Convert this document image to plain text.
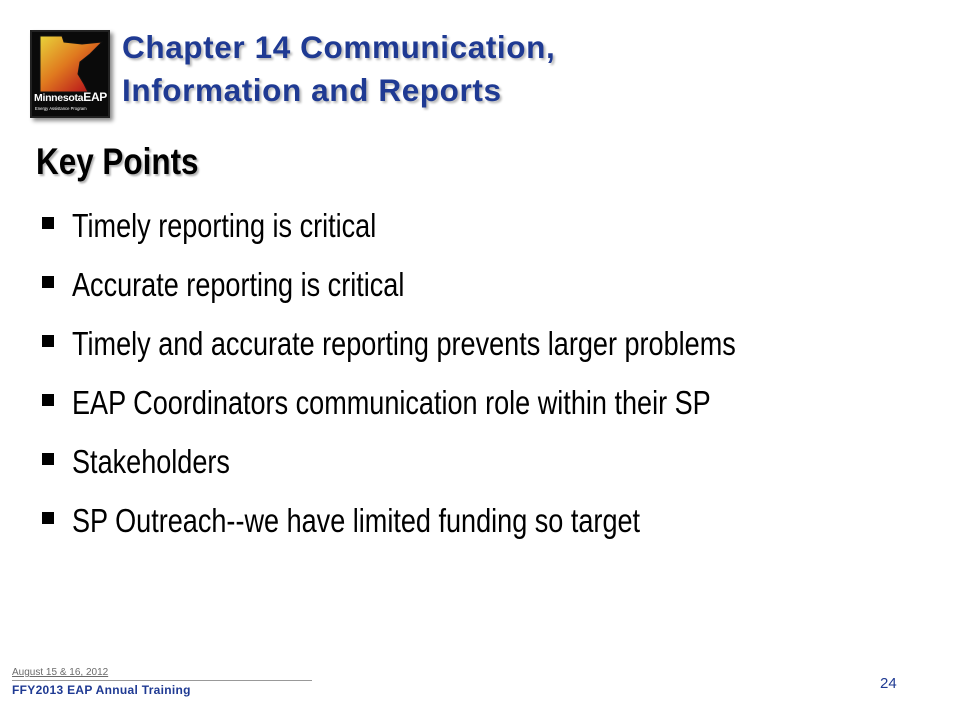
MinnesotaEAP
Energy Assistance Program
Chapter 14 Communication,
Information and Reports
Key Points
Timely reporting is critical
Accurate reporting is critical
Timely and accurate reporting prevents larger problems
EAP Coordinators communication role within their SP
Stakeholders
SP Outreach--we have limited funding so target
August 15 & 16, 2012
FFY2013 EAP Annual Training	24
